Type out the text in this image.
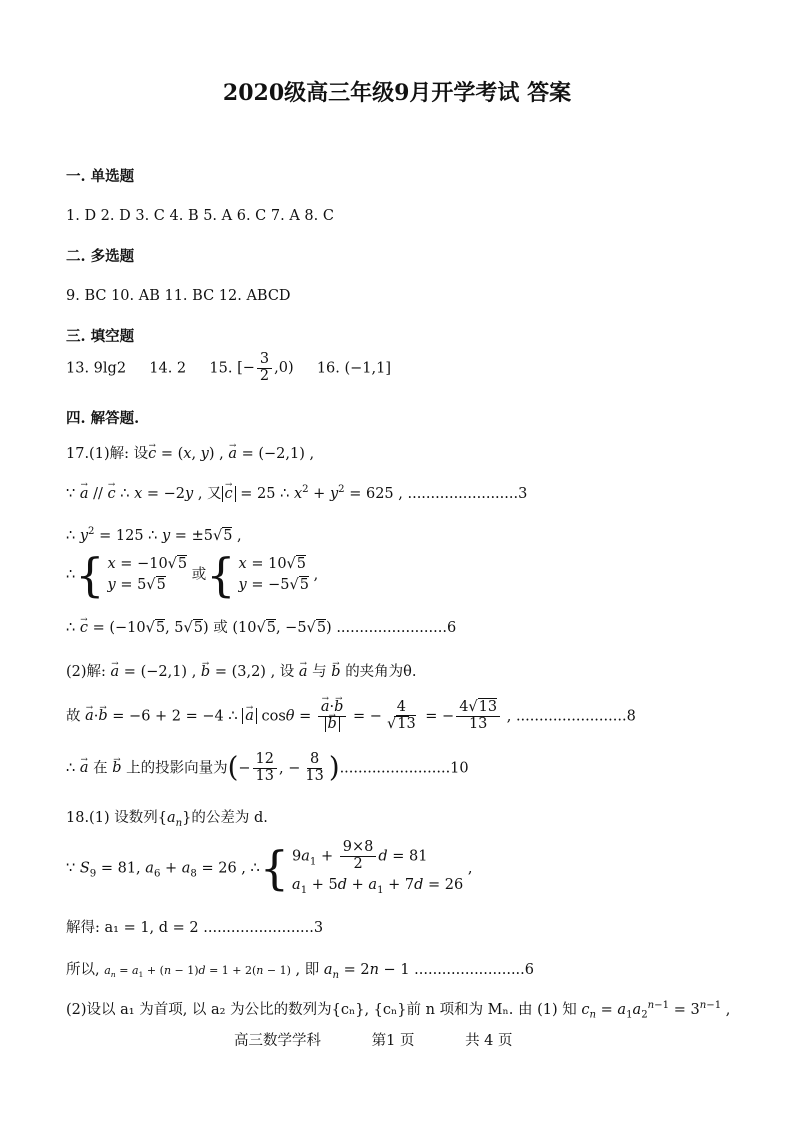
2020级高三年级9月开学考试 答案
一. 单选题
1. D 2. D 3. C 4. B 5. A 6. C 7. A 8. C
二. 多选题
9. BC 10. AB 11. BC 12. ABCD
三. 填空题
13. 9lg2 14. 2 15. [− $\frac{3}{2} ,0$) 16. (−1,1]
四. 解答题.
17.(1)解: 设→ c = (x, y) , → a = (−2,1) ,
∵ → a // → c ∴ x = −2y , 又 → c = 25 ∴ $x^2 + y^2 = 625$ , ........................3
∴ $y^2 = 125$ ∴ y = ±5√5 ,
∴ { x = −10√5
y = 5√5
或 { x = 10√5
y = −5√5
,
∴ → c = (−10√5, 5√5) 或 (10√5, −5√5) ........................6
(2)解: → a = (−2,1) , → b = (3,2) , 设 → a 与 → b 的夹角为θ.
故 → a·→ b = −6 + 2 = −4 ∴ → a cosθ = → a·→ b
→ b = − $\frac{4}{√13}$ = − $\frac{4√13}{13}$ , ........................8
∴ → a 在 → b 上的投影向量为(− $\frac{12}{13}$ , − $\frac{8}{13} )........................10$
18.(1) 设数列$\{a_n\}$的公差为 d.
∵ $S_9 = 81$, $a_6 + a_8 = 26$ , ∴ { $9a_1 + \frac{9\times 8}{2}$ d = 81
$a_1 + 5d + a_1 + 7d = 26$
,
解得: a₁ = 1, d = 2 ........................3
所以, $a_n = a_1 + (n - 1)d = 1 + 2(n - 1)$ , 即 $a_n = 2n - 1$ ........................6
(2)设以 a₁ 为首项, 以 a₂ 为公比的数列为{cₙ}, {cₙ}前 n 项和为 Mₙ. 由 (1) 知 $c_n = a_1a_2^{n-1} = 3^{n-1}$ ,
高三数学学科	第1 页	共 4 页
